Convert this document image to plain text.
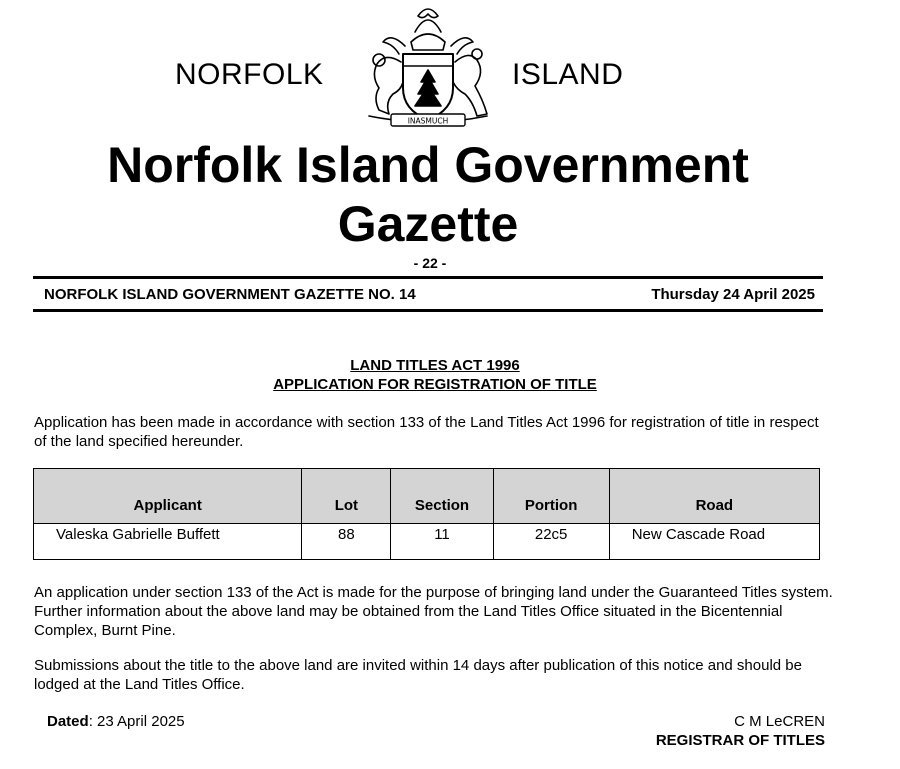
NORFOLK
INASMUCH
ISLAND
Norfolk Island Government
Gazette
- 22 -
NORFOLK ISLAND GOVERNMENT GAZETTE NO. 14	Thursday 24 April 2025
LAND TITLES ACT 1996
APPLICATION FOR REGISTRATION OF TITLE
Application has been made in accordance with section 133 of the Land Titles Act 1996 for registration of title in respect of the land specified hereunder.
Applicant	Lot	Section	Portion	Road
Valeska Gabrielle Buffett	88	11	22c5	New Cascade Road
An application under section 133 of the Act is made for the purpose of bringing land under the Guaranteed Titles system. Further information about the above land may be obtained from the Land Titles Office situated in the Bicentennial Complex, Burnt Pine.
Submissions about the title to the above land are invited within 14 days after publication of this notice and should be lodged at the Land Titles Office.
Dated: 23 April 2025	C M LeCREN
REGISTRAR OF TITLES
